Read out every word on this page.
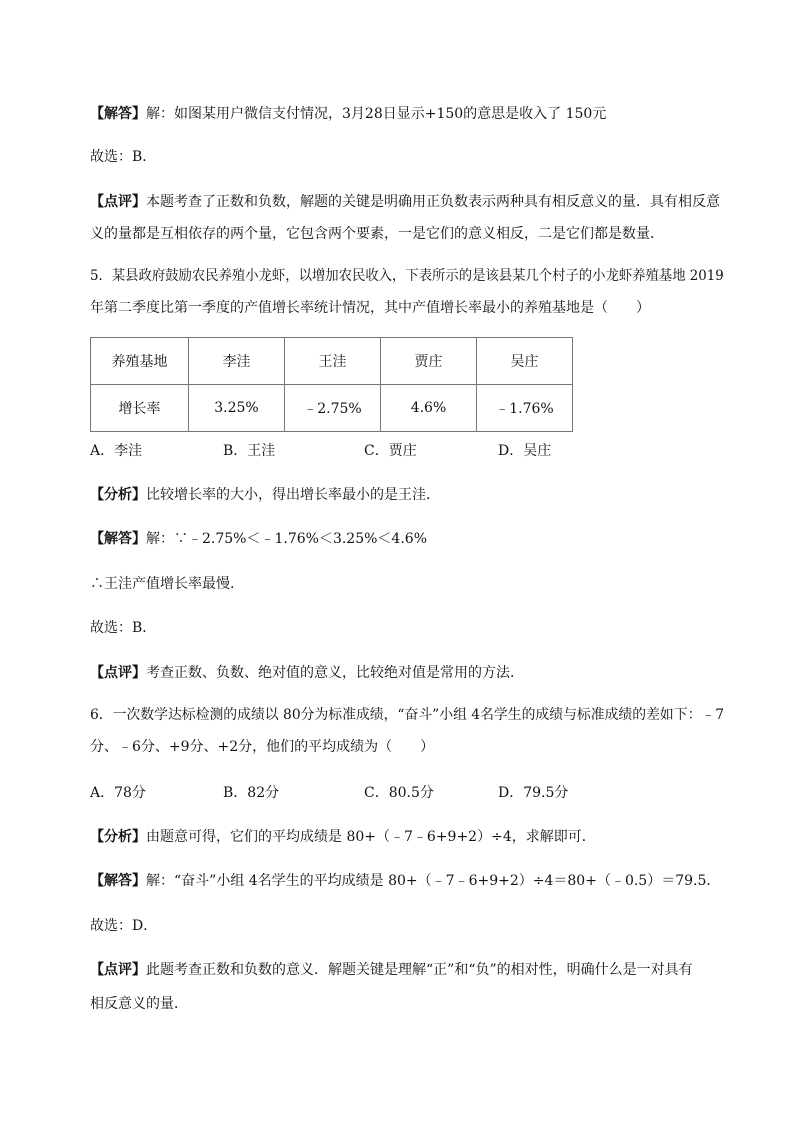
【解答】解：如图某用户微信支付情况，3月28日显示+150的意思是收入了 150元
故选：B．
【点评】本题考查了正数和负数，解题的关键是明确用正负数表示两种具有相反意义的量．具有相反意
义的量都是互相依存的两个量，它包含两个要素，一是它们的意义相反，二是它们都是数量．
5．某县政府鼓励农民养殖小龙虾，以增加农民收入，下表所示的是该县某几个村子的小龙虾养殖基地 2019
年第二季度比第一季度的产值增长率统计情况，其中产值增长率最小的养殖基地是（　　）
养殖基地	李洼	王洼	贾庄	吴庄
增长率	3.25%	﹣2.75%	4.6%	﹣1.76%
A．李洼	B．王洼	C．贾庄	D．吴庄
【分析】比较增长率的大小，得出增长率最小的是王洼．
【解答】解：∵﹣2.75%＜﹣1.76%＜3.25%＜4.6%
∴王洼产值增长率最慢.
故选：B．
【点评】考查正数、负数、绝对值的意义，比较绝对值是常用的方法．
6．一次数学达标检测的成绩以 80分为标准成绩，“奋斗”小组 4名学生的成绩与标准成绩的差如下：﹣7
分、﹣6分、+9分、+2分，他们的平均成绩为（　　）
A．78分	B．82分	C．80.5分	D．79.5分
【分析】由题意可得，它们的平均成绩是 80+（﹣7﹣6+9+2）÷4，求解即可．
【解答】解：“奋斗”小组 4名学生的平均成绩是 80+（﹣7﹣6+9+2）÷4＝80+（﹣0.5）＝79.5．
故选：D．
【点评】此题考查正数和负数的意义．解题关键是理解“正”和“负”的相对性，明确什么是一对具有
相反意义的量．
